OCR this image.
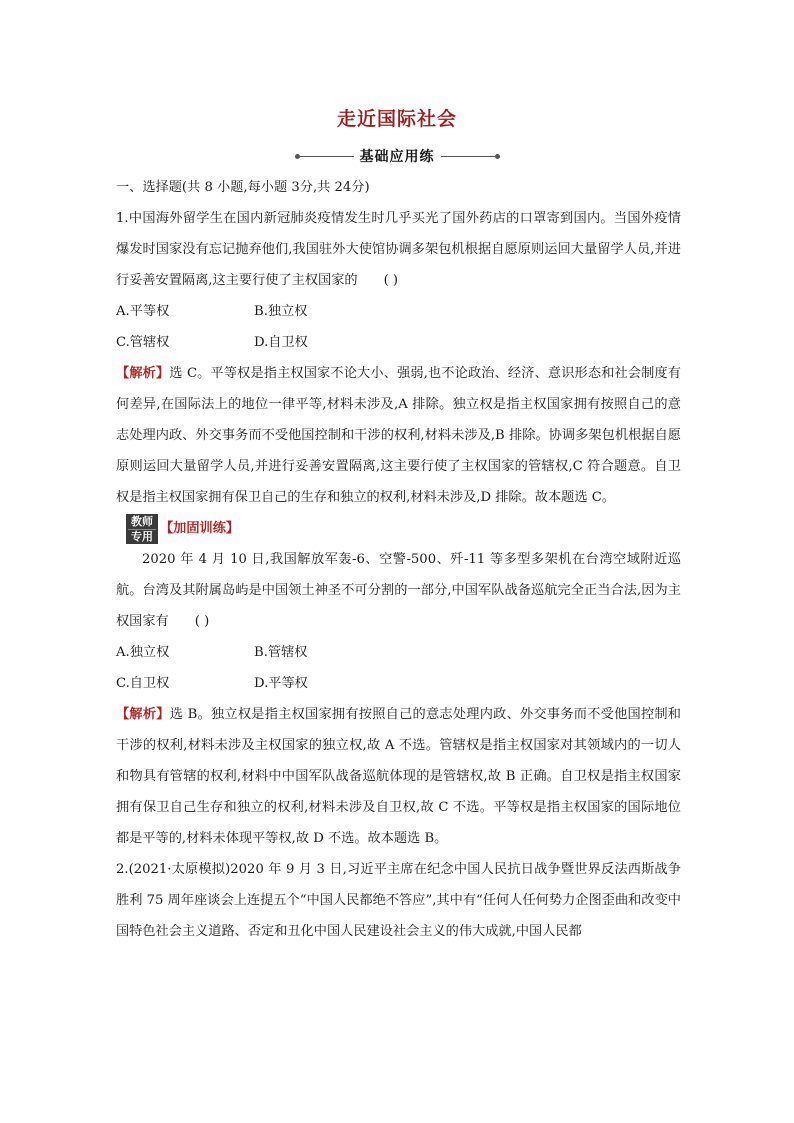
走近国际社会
基础应用练

一、选择题(共 8 小题,每小题 3分,共 24分)

1.中国海外留学生在国内新冠肺炎疫情发生时几乎买光了国外药店的口罩寄到国内。当国外疫情爆发时国家没有忘记抛弃他们,我国驻外大使馆协调多架包机根据自愿原则运回大量留学人员,并进行妥善安置隔离,这主要行使了主权国家的 ( )

A.平等权	B.独立权

C.管辖权	D.自卫权

【解析】选 C。平等权是指主权国家不论大小、强弱,也不论政治、经济、意识形态和社会制度有何差异,在国际法上的地位一律平等,材料未涉及,A 排除。独立权是指主权国家拥有按照自己的意志处理内政、外交事务而不受他国控制和干涉的权利,材料未涉及,B 排除。协调多架包机根据自愿原则运回大量留学人员,并进行妥善安置隔离,这主要行使了主权国家的管辖权,C 符合题意。自卫权是指主权国家拥有保卫自己的生存和独立的权利,材料未涉及,D 排除。故本题选 C。

教师
专用 【加固训练】

2020 年 4 月 10 日,我国解放军轰-6、空警-500、歼-11 等多型多架机在台湾空域附近巡航。台湾及其附属岛屿是中国领土神圣不可分割的一部分,中国军队战备巡航完全正当合法,因为主权国家有 ( )

A.独立权	B.管辖权

C.自卫权	D.平等权

【解析】选 B。独立权是指主权国家拥有按照自己的意志处理内政、外交事务而不受他国控制和干涉的权利,材料未涉及主权国家的独立权,故 A 不选。管辖权是指主权国家对其领域内的一切人和物具有管辖的权利,材料中中国军队战备巡航体现的是管辖权,故 B 正确。自卫权是指主权国家拥有保卫自己生存和独立的权利,材料未涉及自卫权,故 C 不选。平等权是指主权国家的国际地位都是平等的,材料未体现平等权,故 D 不选。故本题选 B。

2.(2021·太原模拟)2020 年 9 月 3 日,习近平主席在纪念中国人民抗日战争暨世界反法西斯战争胜利 75 周年座谈会上连提五个“中国人民都绝不答应”,其中有“任何人任何势力企图歪曲和改变中国特色社会主义道路、否定和丑化中国人民建设社会主义的伟大成就,中国人民都
